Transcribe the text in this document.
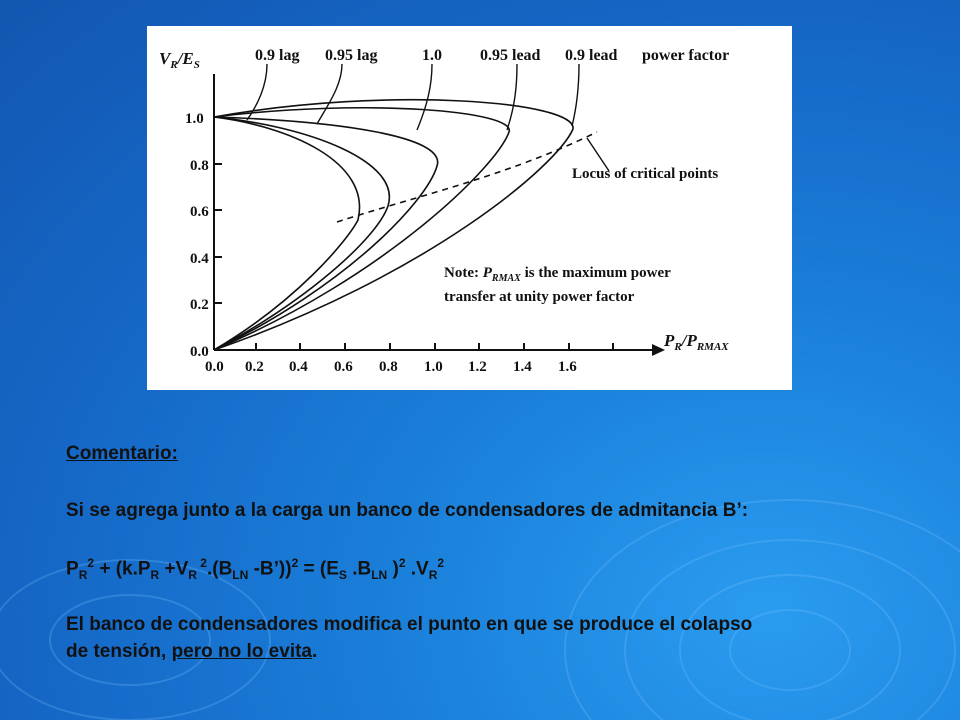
1.0
0.8
0.6
0.4
0.2
0.0
0.0 0.2 0.4 0.6 0.8 1.0 1.2 1.4 1.6
$V_R/E_S$
$P_R/P_{RMAX}$
0.9 lag 0.95 lag	1.0 0.95 lead 0.9 lead power factor
Locus of critical points
Note: $P_{RMAX}$ is the maximum power
transfer at unity power factor
Comentario:
Si se agrega junto a la carga un banco de condensadores de admitancia B’:
$P_R^2 + (k.P_R +V_R$ $^2.(B_{LN}$ -B’))$^2$ = ($E_S$ $.B_{LN}$ )$^2$ $.V_R^2$
El banco de condensadores modifica el punto en que se produce el colapso
de tensión, pero no lo evita.
